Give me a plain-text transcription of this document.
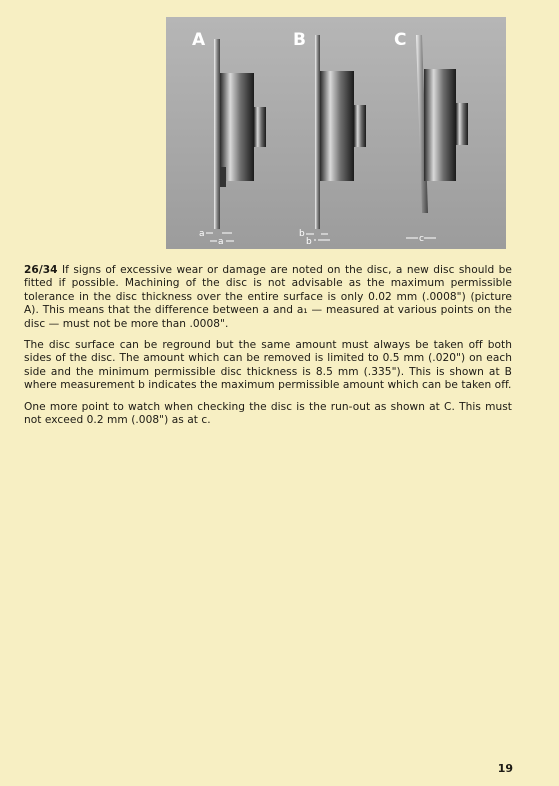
A	B	C
a
a
b
b	c

26/34 If signs of excessive wear or damage are noted on the disc, a new disc should be fitted if possible. Machining of the disc is not advisable as the maximum permissible tolerance in the disc thickness over the entire surface is only 0.02 mm (.0008") (picture A). This means that the difference between a and a₁ — measured at various points on the disc — must not be more than .0008".

The disc surface can be reground but the same amount must always be taken off both sides of the disc. The amount which can be removed is limited to 0.5 mm (.020") on each side and the minimum permissible disc thickness is 8.5 mm (.335"). This is shown at B where measurement b indicates the maximum permissible amount which can be taken off.

One more point to watch when checking the disc is the run-out as shown at C. This must not exceed 0.2 mm (.008") as at c.

19
